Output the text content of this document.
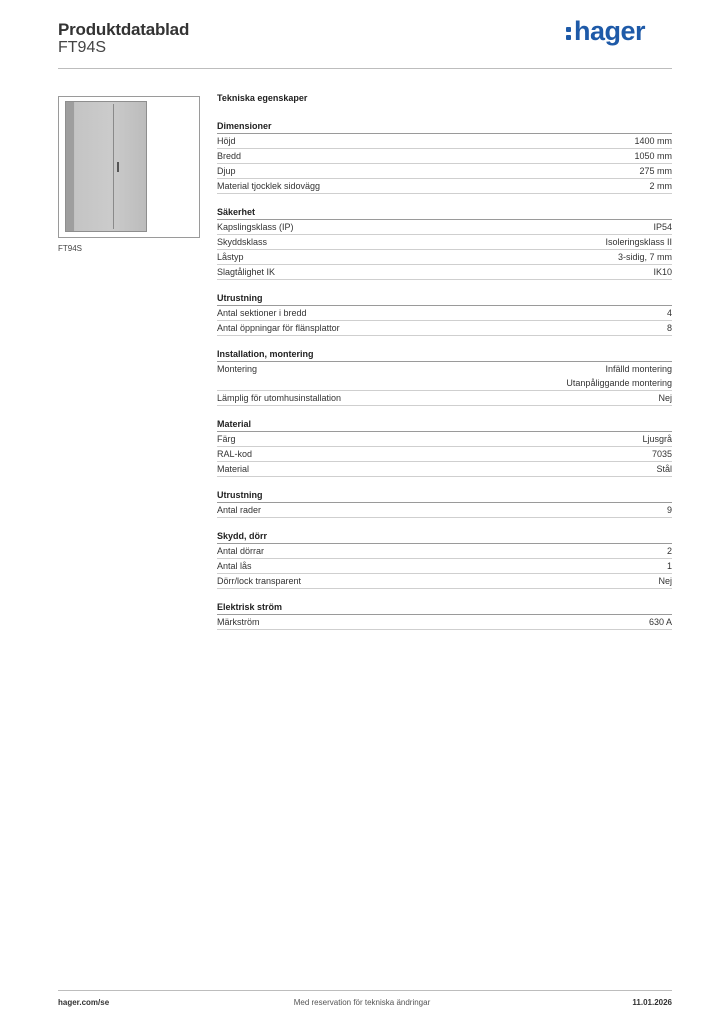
Produktdatablad
FT94S
hager
FT94S
Tekniska egenskaper
Dimensioner
Höjd	1400 mm
Bredd	1050 mm
Djup	275 mm
Material tjocklek sidovägg	2 mm
Säkerhet
Kapslingsklass (IP)	IP54
Skyddsklass	Isoleringsklass II
Låstyp	3-sidig, 7 mm
Slagtålighet IK	IK10
Utrustning
Antal sektioner i bredd	4
Antal öppningar för flänsplattor	8
Installation, montering
Montering	Infälld montering
Utanpåliggande montering
Lämplig för utomhusinstallation	Nej
Material
Färg	Ljusgrå
RAL-kod	7035
Material	Stål
Utrustning
Antal rader	9
Skydd, dörr
Antal dörrar	2
Antal lås	1
Dörr/lock transparent	Nej
Elektrisk ström
Märkström	630 A
hager.com/se	Med reservation för tekniska ändringar	11.01.2026
